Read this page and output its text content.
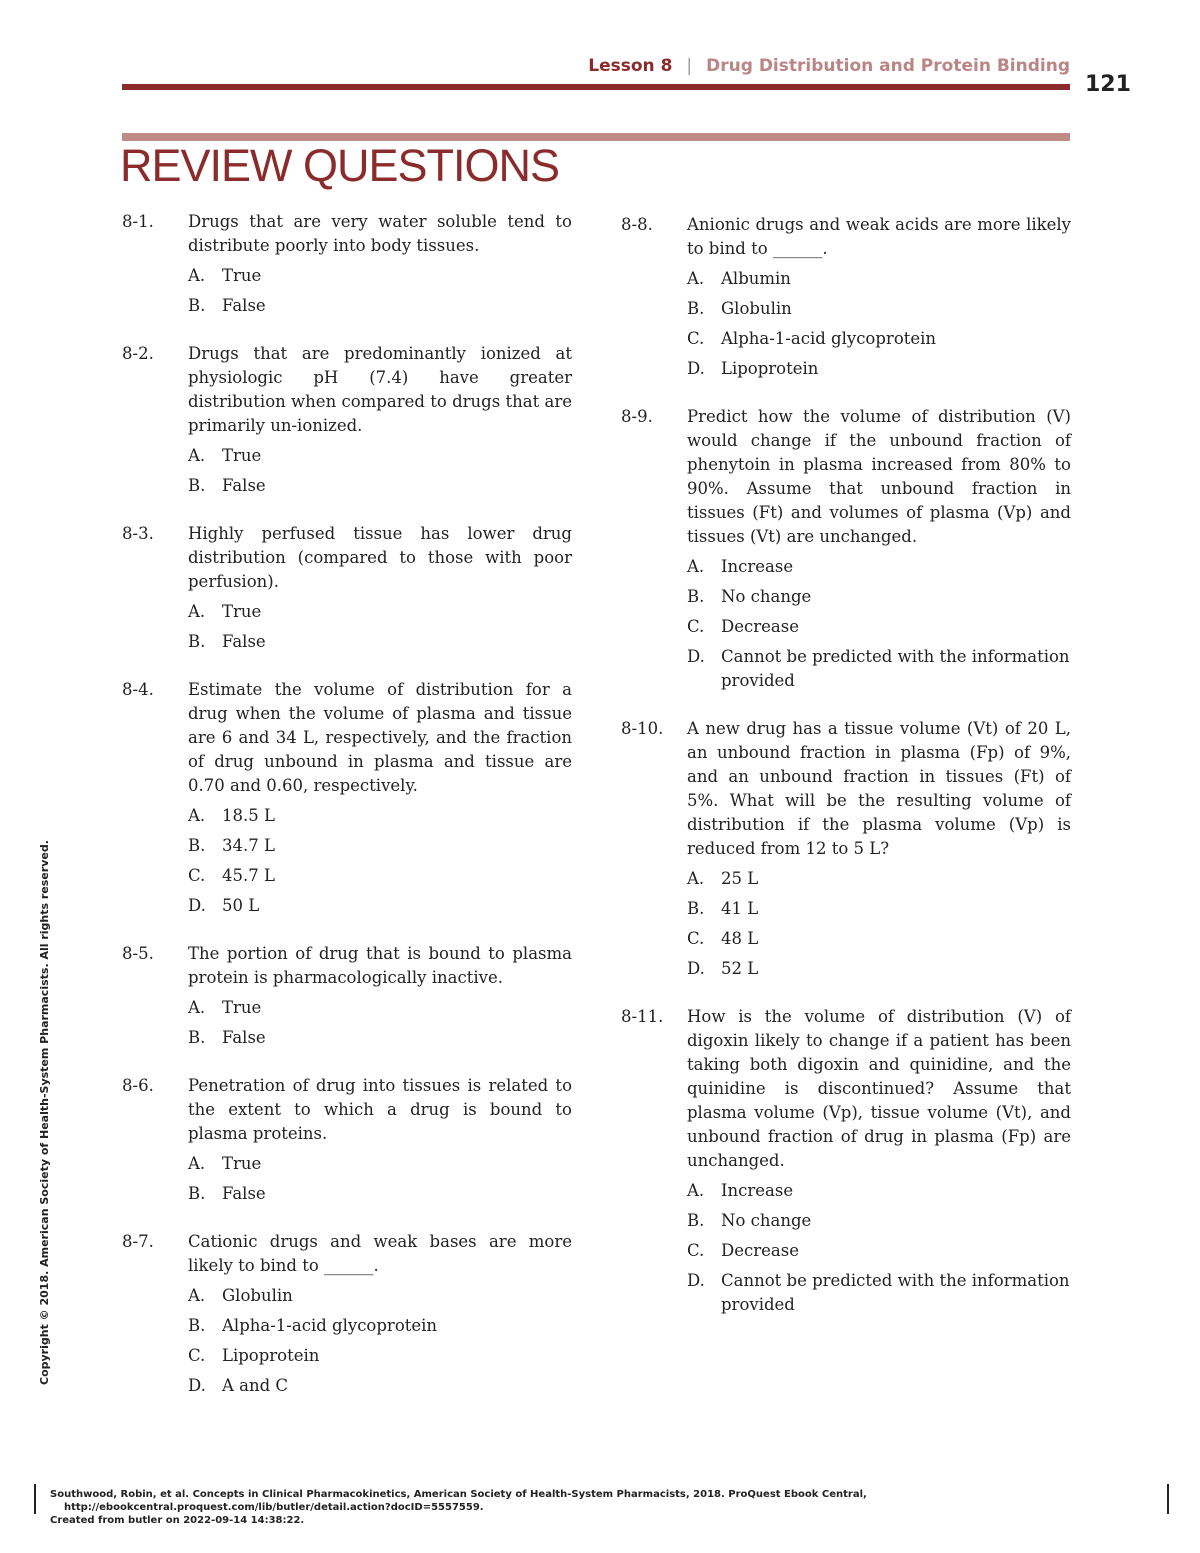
Lesson 8 | Drug Distribution and Protein Binding
121
REVIEW QUESTIONS
8-1.	Drugs that are very water soluble tend to distribute poorly into body tissues.
A.	True
B.	False
8-2.	Drugs that are predominantly ionized at physiologic pH (7.4) have greater distribution when compared to drugs that are primarily un-ionized.
A.	True
B.	False
8-3.	Highly perfused tissue has lower drug distribution (compared to those with poor perfusion).
A.	True
B.	False
8-4.	Estimate the volume of distribution for a drug when the volume of plasma and tissue are 6 and 34 L, respectively, and the fraction of drug unbound in plasma and tissue are 0.70 and 0.60, respectively.
A.	18.5 L
B.	34.7 L
C.	45.7 L
D. 50 L
8-5.	The portion of drug that is bound to plasma protein is pharmacologically inactive.
A.	True
B.	False
8-6.	Penetration of drug into tissues is related to the extent to which a drug is bound to plasma proteins.
A.	True
B.	False
8-7.	Cationic drugs and weak bases are more likely to bind to ______.
A.	Globulin
B.	Alpha-1-acid glycoprotein
C.	Lipoprotein
D. A and C
8-8.	Anionic drugs and weak acids are more likely to bind to ______.
A.	Albumin
B.	Globulin
C.	Alpha-1-acid glycoprotein
D. Lipoprotein
8-9.	Predict how the volume of distribution (V) would change if the unbound fraction of phenytoin in plasma increased from 80% to 90%. Assume that unbound fraction in tissues (Ft) and volumes of plasma (Vp) and tissues (Vt) are unchanged.
A.	Increase
B.	No change
C.	Decrease
D. Cannot be predicted with the information provided
8-10.	A new drug has a tissue volume (Vt) of 20 L, an unbound fraction in plasma (Fp) of 9%, and an unbound fraction in tissues (Ft) of 5%. What will be the resulting volume of distribution if the plasma volume (Vp) is reduced from 12 to 5 L?
A.	25 L
B.	41 L
C.	48 L
D. 52 L
8-11.	How is the volume of distribution (V) of digoxin likely to change if a patient has been taking both digoxin and quinidine, and the quinidine is discontinued? Assume that plasma volume (Vp), tissue volume (Vt), and unbound fraction of drug in plasma (Fp) are unchanged.
A.	Increase
B.	No change
C.	Decrease
D. Cannot be predicted with the information provided
Copyright © 2018. American Society of Health-System Pharmacists. All rights reserved.
Southwood, Robin, et al. Concepts in Clinical Pharmacokinetics, American Society of Health-System Pharmacists, 2018. ProQuest Ebook Central,
http://ebookcentral.proquest.com/lib/butler/detail.action?docID=5557559.
Created from butler on 2022-09-14 14:38:22.
